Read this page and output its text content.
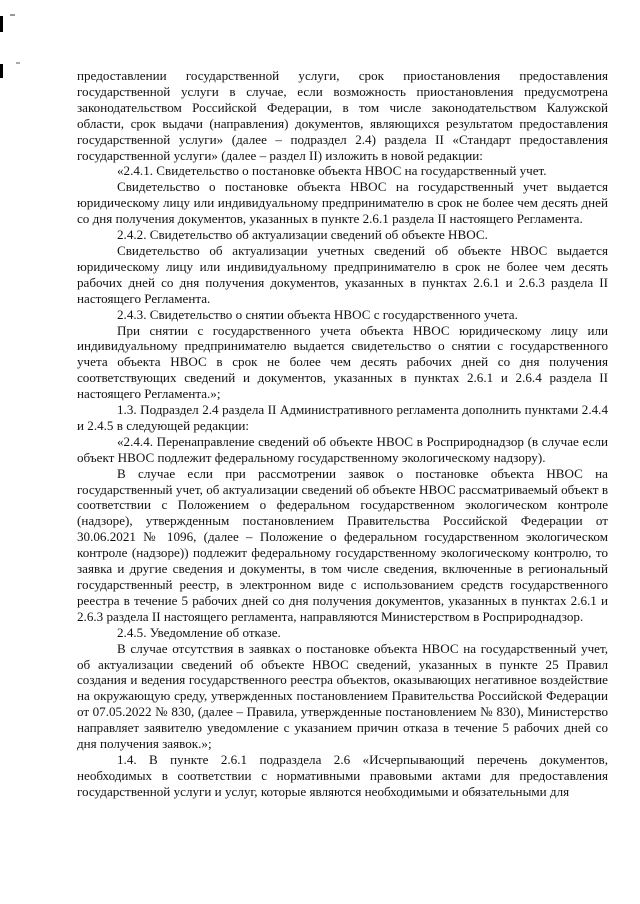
предоставлении государственной услуги, срок приостановления предоставления государственной услуги в случае, если возможность приостановления предусмотрена законодательством Российской Федерации, в том числе законодательством Калужской области, срок выдачи (направления) документов, являющихся результатом предоставления государственной услуги» (далее – подраздел 2.4) раздела II «Стандарт предоставления государственной услуги» (далее – раздел II) изложить в новой редакции:

«2.4.1. Свидетельство о постановке объекта НВОС на государственный учет.

Свидетельство о постановке объекта НВОС на государственный учет выдается юридическому лицу или индивидуальному предпринимателю в срок не более чем десять дней со дня получения документов, указанных в пункте 2.6.1 раздела II настоящего Регламента.

2.4.2. Свидетельство об актуализации сведений об объекте НВОС.

Свидетельство об актуализации учетных сведений об объекте НВОС выдается юридическому лицу или индивидуальному предпринимателю в срок не более чем десять рабочих дней со дня получения документов, указанных в пунктах 2.6.1 и 2.6.3 раздела II настоящего Регламента.

2.4.3. Свидетельство о снятии объекта НВОС с государственного учета.

При снятии с государственного учета объекта НВОС юридическому лицу или индивидуальному предпринимателю выдается свидетельство о снятии с государственного учета объекта НВОС в срок не более чем десять рабочих дней со дня получения соответствующих сведений и документов, указанных в пунктах 2.6.1 и 2.6.4 раздела II настоящего Регламента.»;

1.3. Подраздел 2.4 раздела II Административного регламента дополнить пунктами 2.4.4 и 2.4.5 в следующей редакции:

«2.4.4. Перенаправление сведений об объекте НВОС в Росприроднадзор (в случае если объект НВОС подлежит федеральному государственному экологическому надзору).

В случае если при рассмотрении заявок о постановке объекта НВОС на государственный учет, об актуализации сведений об объекте НВОС рассматриваемый объект в соответствии с Положением о федеральном государственном экологическом контроле (надзоре), утвержденным постановлением Правительства Российской Федерации от 30.06.2021 № 1096, (далее – Положение о федеральном государственном экологическом контроле (надзоре)) подлежит федеральному государственному экологическому контролю, то заявка и другие сведения и документы, в том числе сведения, включенные в региональный государственный реестр, в электронном виде с использованием средств государственного реестра в течение 5 рабочих дней со дня получения документов, указанных в пунктах 2.6.1 и 2.6.3 раздела II настоящего регламента, направляются Министерством в Росприроднадзор.

2.4.5. Уведомление об отказе.

В случае отсутствия в заявках о постановке объекта НВОС на государственный учет, об актуализации сведений об объекте НВОС сведений, указанных в пункте 25 Правил создания и ведения государственного реестра объектов, оказывающих негативное воздействие на окружающую среду, утвержденных постановлением Правительства Российской Федерации от 07.05.2022 № 830, (далее – Правила, утвержденные постановлением № 830), Министерство направляет заявителю уведомление с указанием причин отказа в течение 5 рабочих дней со дня получения заявок.»;

1.4. В пункте 2.6.1 подраздела 2.6 «Исчерпывающий перечень документов, необходимых в соответствии с нормативными правовыми актами для предоставления государственной услуги и услуг, которые являются необходимыми и обязательными для
